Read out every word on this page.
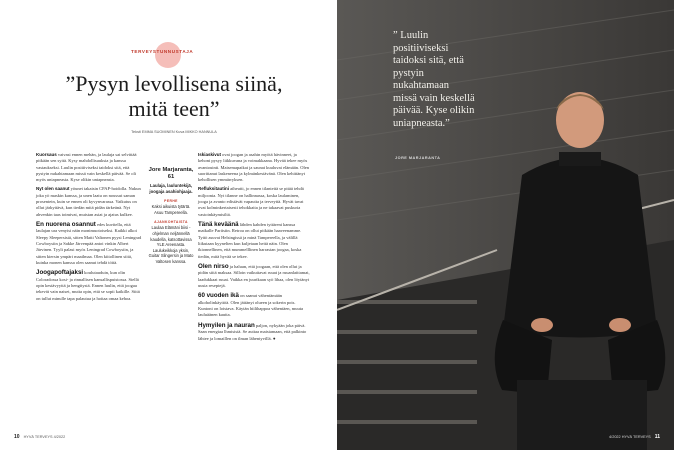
TERVEYSTUNNUSTAJA
”Pysyn levollisena siinä, mitä teen”
Teksti EMMA SUOMINEN Kuva MIKKO HANNULA

Kuorsaus vaivasi ennen mehän, ja laulaja sai selvittää pitkään sen syitä. Kysy mahdollisuuksia ja kanssa vastaukseksi. Luulin positiiviseksi taidoksi sitä, että pystyin nukahtamaan missä vain keskellä päivää. Se oli myös uniapneasta. Kyse olikin uniapneasta.

Nyt olen saanut yöunet takaisin CPAP-hoidolla. Nukun joka yö maskin kanssa, ja unen laatu on noussut saman prosentein, kuin se ennen oli kyvynvarassa. Vaikutus on ollut järkyttävä, kun tiedän mitä pidän tärkeänä. Nyt ahvenkin taas toimivat, muistan asiat ja ajatus kulkee.

En nuorena osannut edes kuvitella, että laulajan ura venyisi näin monimuotoiseksi. Kaikki alkoi Sleepy Sleepersistä, sitten Matti Valtonen pyysi Leningrad Cowboysiin ja Sakke Järvenpää antoi vinkin Albert Järvinen. Tyyli palasi myös Leningrad Cowboysiin, ja sitten kiersin ympäri maailmaa. Olen kiitollinen siitä, kuinka monen kanssa olen saanut tehdä töitä.

Joogapoftajaksi koulutauduin, kun olin Coloradossa kosi- ja rinnallisen kansallispuistossa. Siellä opin kestävyyttä ja hengitystä. Ennen luulin, että joogaa tekevät vain naiset, mutta opin, että se sopii kaikille. Siitä on tullut minulle tapa palautua ja hoitaa omaa kehoa.

Jore Marjaranta, 61
Laulaja, lauluntekijä, joogaja asahiohjaaja.
PERHE
Kaksi aikuista tytärtä. Asuu Tampereella.
AJANKOHTAISTA
Laulaa Elämäni biisi -ohjelman neljännellä kaudella, katsottavissa YLE Areenasta. Laulukeikkoja yksin, Guitar Slingersin ja Mato Valtosen kanssa.

Iskiaskivut ovat joogan ja asahin myötä hävinneet, ja kehoni pysyy liikkuvana ja voimakkaana. Hyvää tekee myös avantouinti. Maisemapaikat ja saunat kuuluvat elämään. Olen suorittanut laskeneena ja kylmänkestävänä. Olen kehittänyt kehollisen ymmärryksen.

Refluksitautini aiheutti, jo ennen tilanteitä se pitää tehdä miljoonia. Nyt tilanne on hallinnassa, koska laulaminen, jooga ja avanto edistävät vapautta ja terveyttä. Hyvät tavat ovat kolminkertaisesti tehokkaita ja ne takaavat puskuria vastoinkäymisiltä.

Tänä keväänä lähden kahden tyttäreni kanssa matkalle Pariisiin. Retroa on ollut pitkään haaveenamme. Tyttö asuvat Helsingissä ja minä Tampereella, ja välillä liikutaan kyynelten kun kuljetaan heitä näin. Olen ikionnellinen, että mummelllinen harrastan joogaa, koska tiedän, mitä hyvää se tekee.

Olen nirso ja haluan, että joogaan, että olen ollut ja pidän siitä maksaa. Silloin vaikuttavat ruuat ja ruuanlaittamat, laadukkaat ruuat. Vaikka en juurikaan syö lihaa, olen löytänyt uusia reseptejä.

60 vuoden ikä on saanut vähentämään alkoholinkäyttöä. Olen jättänyt olueen ja sokerin pois. Kuntoni on loistava. Käytän hiilihappoa vähentäen, muuta lauluäänen kautta.

Hymyilen ja nauran paljon, nykyään joka päivä. Saan energiaa lhmisistä. Se auttaa maistamaan, että palkinto lähtee ja lomaillen on ilman lähentyvillä. ●

10 HYVÄ TERVEYS 4/2022
” Luulin positiiviseksi taidoksi sitä, että pystyin nukahtamaan missä vain keskellä päivää. Kyse olikin uniapneasta.”
JORE MARJARANTA
4/2022 HYVÄ TERVEYS 11
